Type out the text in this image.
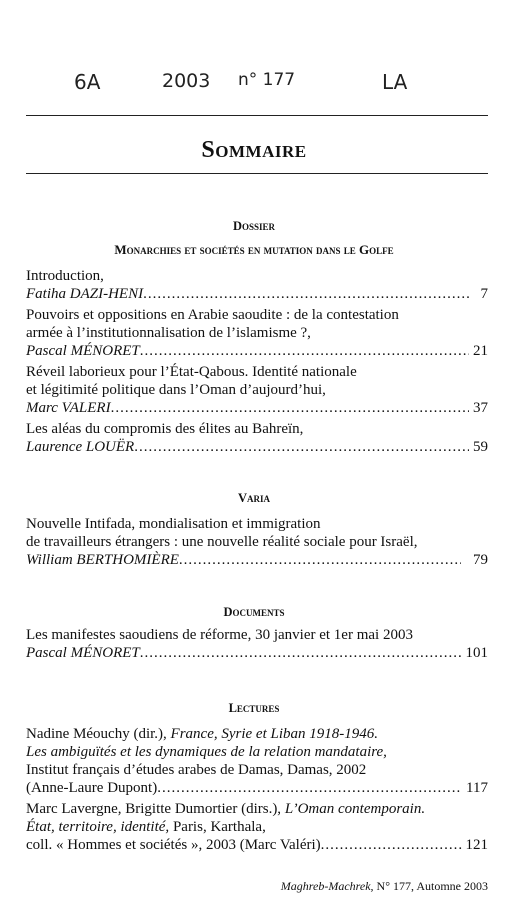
6A	2003 n° 177	LA
Sommaire
Dossier
Monarchies et sociétés en mutation dans le Golfe
Introduction,
Fatiha DAZI-HENI .....	7
Pouvoirs et oppositions en Arabie saoudite : de la contestation
armée à l’institutionnalisation de l’islamisme ?,
Pascal MÉNORET .....	21
Réveil laborieux pour l’État-Qabous. Identité nationale
et légitimité politique dans l’Oman d’aujourd’hui,
Marc VALERI .....	37
Les aléas du compromis des élites au Bahreïn,
Laurence LOUËR .....	59
Varia
Nouvelle Intifada, mondialisation et immigration
de travailleurs étrangers : une nouvelle réalité sociale pour Israël,
William BERTHOMIÈRE .....	79
Documents
Les manifestes saoudiens de réforme, 30 janvier et 1er mai 2003
Pascal MÉNORET .....	101
Lectures
Nadine Méouchy (dir.), France, Syrie et Liban 1918-1946.
Les ambiguïtés et les dynamiques de la relation mandataire,
Institut français d’études arabes de Damas, Damas, 2002
(Anne-Laure Dupont) .....	117
Marc Lavergne, Brigitte Dumortier (dirs.), L’Oman contemporain.
État, territoire, identité, Paris, Karthala,
coll. « Hommes et sociétés », 2003 (Marc Valéri) .....	121
Maghreb-Machrek, N° 177, Automne 2003
